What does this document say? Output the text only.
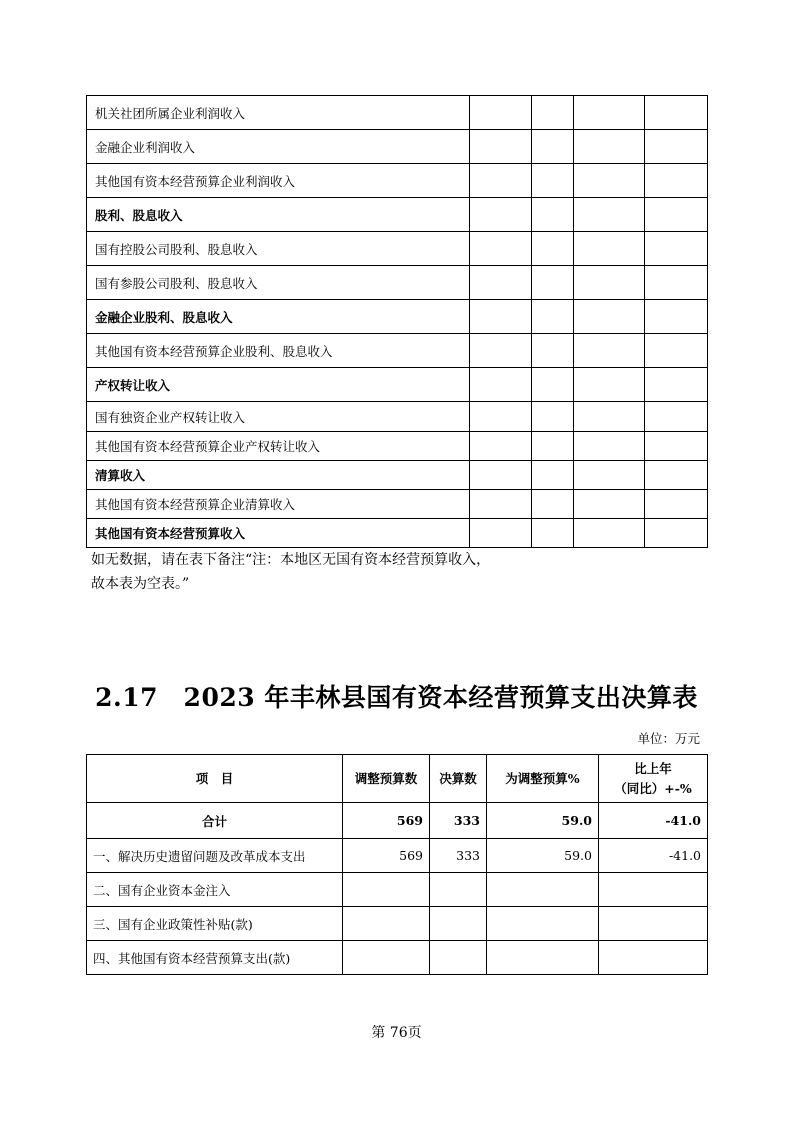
机关社团所属企业利润收入				
金融企业利润收入				
其他国有资本经营预算企业利润收入				
股利、股息收入				
国有控股公司股利、股息收入				
国有参股公司股利、股息收入				
金融企业股利、股息收入				
其他国有资本经营预算企业股利、股息收入				
产权转让收入				
国有独资企业产权转让收入				
其他国有资本经营预算企业产权转让收入				
清算收入				
其他国有资本经营预算企业清算收入				
其他国有资本经营预算收入				
如无数据，请在表下备注“注：本地区无国有资本经营预算收入，故本表为空表。”
2.17　2023 年丰林县国有资本经营预算支出决算表
单位：万元
项　目	调整预算数	决算数	为调整预算%	比上年
（同比）+-%

合计	569	333	59.0	-41.0
一、解决历史遗留问题及改革成本支出	569	333	59.0	-41.0
二、国有企业资本金注入				
三、国有企业政策性补贴(款)				
四、其他国有资本经营预算支出(款)				
第 76页
